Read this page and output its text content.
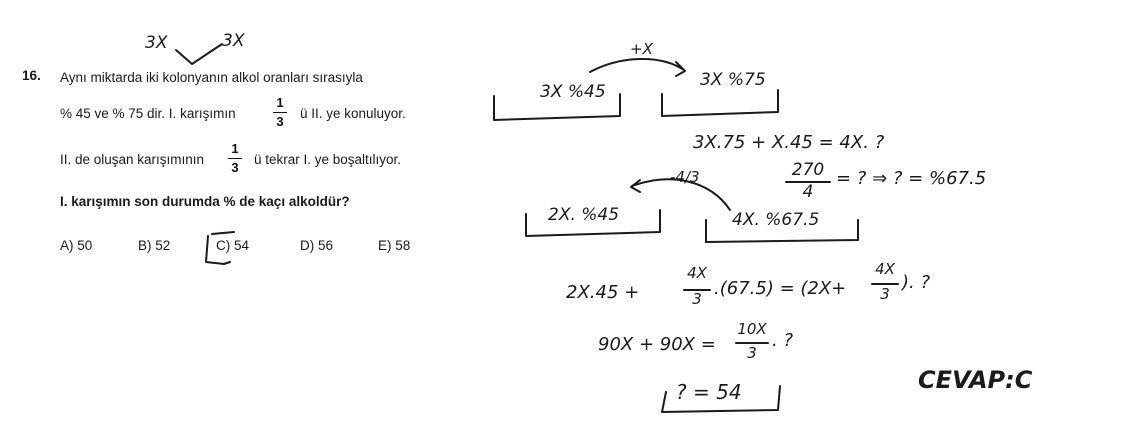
16. Aynı miktarda iki kolonyanın alkol oranları sırasıyla
% 45 ve % 75 dir. I. karışımın
1
3
ü II. ye konuluyor.
II. de oluşan karışımının
1
3
ü tekrar I. ye boşaltılıyor.
I. karışımın son durumda % de kaçı alkoldür?
A) 50	B) 52	C) 54	D) 56	E) 58
3X	3X	+X
3X %45
3X %75
3X.75 + X.45 = 4X. ?
270
4
= ? ⇒ ? = %67.5
-4/3
2X. %45	4X. %67.5
2X.45 +
4X
3 .(67.5) = (2X+
4X
3
). ?
90X + 90X =
10X
3
. ?
? = 54	CEVAP:C
